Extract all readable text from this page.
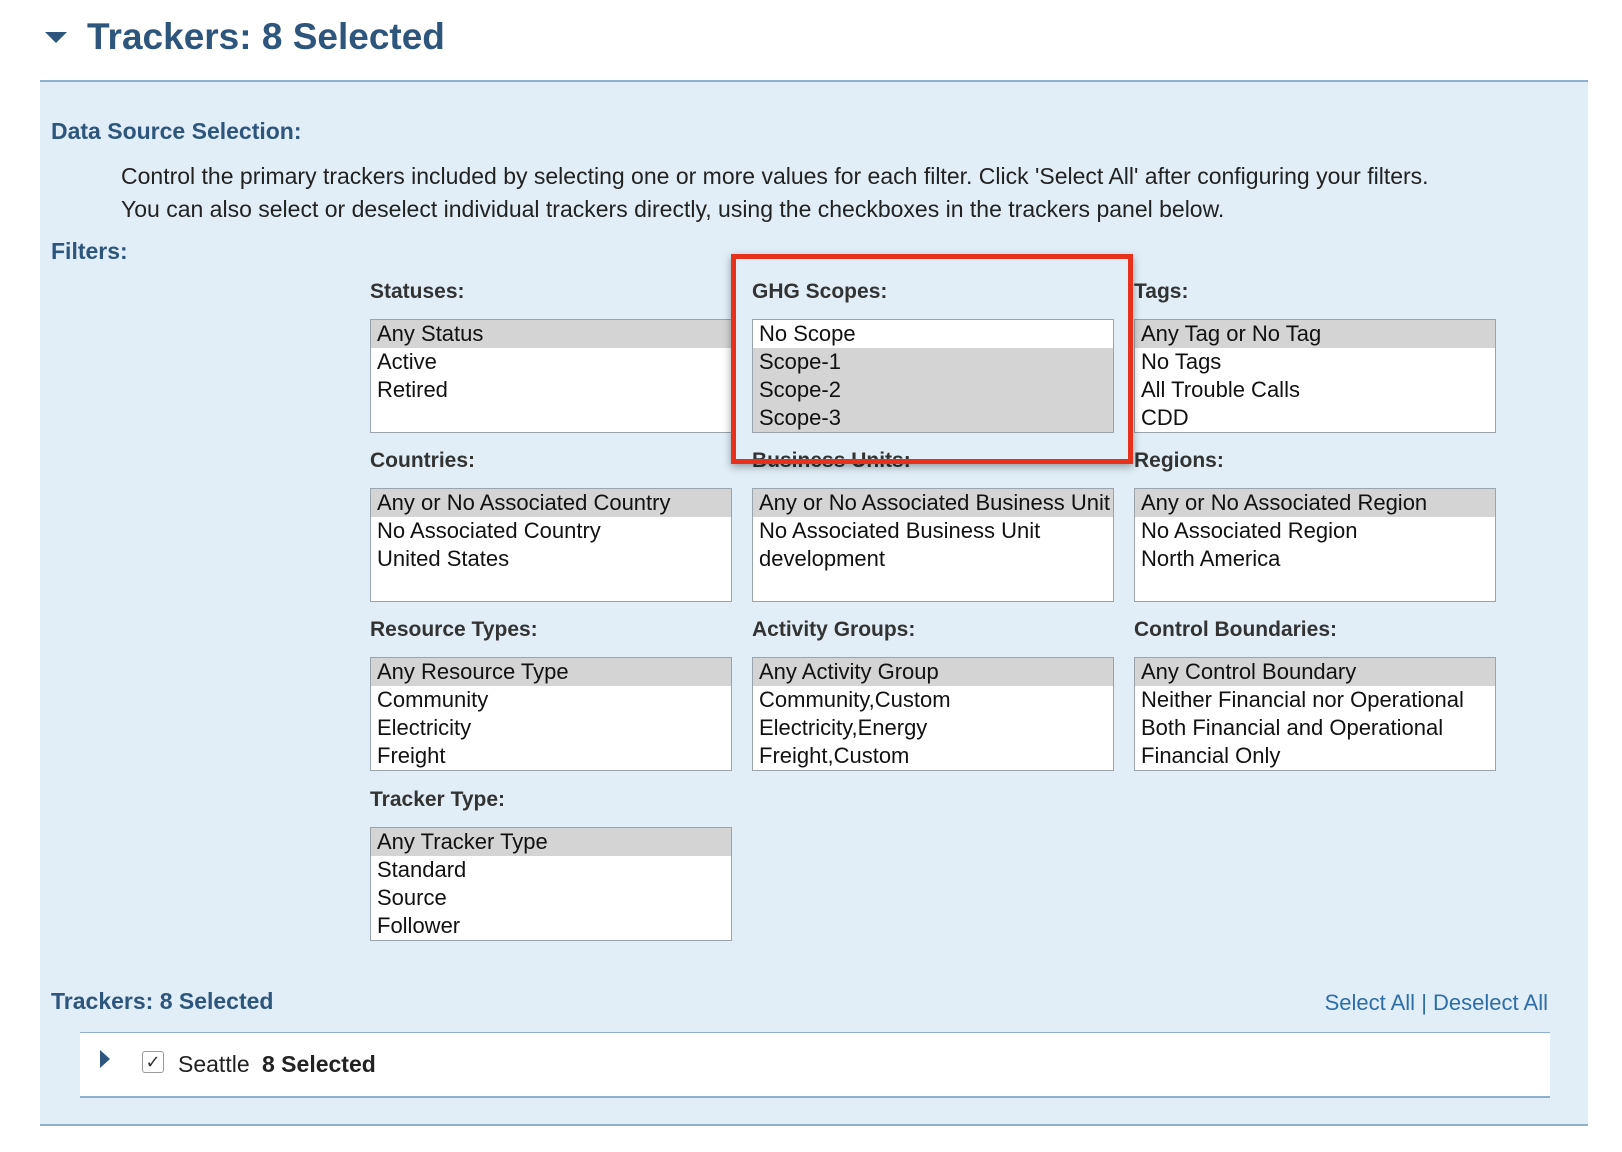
Trackers: 8 Selected
Data Source Selection:
Control the primary trackers included by selecting one or more values for each filter. Click 'Select All' after configuring your filters.
You can also select or deselect individual trackers directly, using the checkboxes in the trackers panel below.
Filters:
Statuses:
Any Status
Active
Retired
GHG Scopes:
No Scope
Scope-1
Scope-2
Scope-3
Tags:
Any Tag or No Tag
No Tags
All Trouble Calls
CDD
Countries:
Any or No Associated Country
No Associated Country
United States
Business Units:
Any or No Associated Business Unit
No Associated Business Unit
development
Regions:
Any or No Associated Region
No Associated Region
North America
Resource Types:
Any Resource Type
Community
Electricity
Freight
Activity Groups:
Any Activity Group
Community,Custom
Electricity,Energy
Freight,Custom
Control Boundaries:
Any Control Boundary
Neither Financial nor Operational
Both Financial and Operational
Financial Only
Tracker Type:
Any Tracker Type
Standard
Source
Follower
Trackers: 8 Selected	Select All | Deselect All
✓ Seattle 8 Selected
